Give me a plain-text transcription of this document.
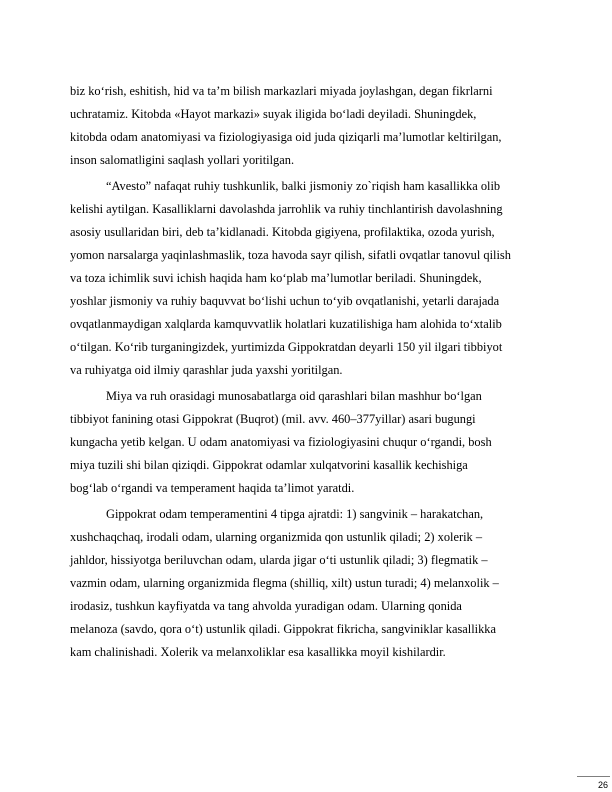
biz ko‘rish, eshitish, hid va ta’m bilish markazlari miyada joylashgan, degan fikrlarni
uchratamiz. Kitobda «Hayot markazi» suyak iligida bo‘ladi deyiladi. Shuningdek,
kitobda odam anatomiyasi va fiziologiyasiga oid juda qiziqarli ma’lumotlar keltirilgan,
inson salomatligini saqlash yollari yoritilgan.
“Avesto” nafaqat ruhiy tushkunlik, balki jismoniy zo`riqish ham kasallikka olib
kelishi aytilgan. Kasalliklarni davolashda jarrohlik va ruhiy tinchlantirish davolashning
asosiy usullaridan biri, deb ta’kidlanadi. Kitobda gigiyena, profilaktika, ozoda yurish,
yomon narsalarga yaqinlashmaslik, toza havoda sayr qilish, sifatli ovqatlar tanovul qilish
va toza ichimlik suvi ichish haqida ham ko‘plab ma’lumotlar beriladi. Shuningdek,
yoshlar jismoniy va ruhiy baquvvat bo‘lishi uchun to‘yib ovqatlanishi, yetarli darajada
ovqatlanmaydigan xalqlarda kamquvvatlik holatlari kuzatilishiga ham alohida to‘xtalib
o‘tilgan. Ko‘rib turganingizdek, yurtimizda Gippokratdan deyarli 150 yil ilgari tibbiyot
va ruhiyatga oid ilmiy qarashlar juda yaxshi yoritilgan.
Miya va ruh orasidagi munosabatlarga oid qarashlari bilan mashhur bo‘lgan
tibbiyot fanining otasi Gippokrat (Buqrot) (mil. avv. 460–377yillar) asari bugungi
kungacha yetib kelgan. U odam anatomiyasi va fiziologiyasini chuqur o‘rgandi, bosh
miya tuzili shi bilan qiziqdi. Gippokrat odamlar xulqatvorini kasallik kechishiga
bog‘lab o‘rgandi va temperament haqida ta’limot yaratdi.
Gippokrat odam temperamentini 4 tipga ajratdi: 1) sangvinik – harakatchan,
xushchaqchaq, irodali odam, ularning organizmida qon ustunlik qiladi; 2) xolerik –
jahldor, hissiyotga beriluvchan odam, ularda jigar o‘ti ustunlik qiladi; 3) flegmatik –
vazmin odam, ularning organizmida flegma (shilliq, xilt) ustun turadi; 4) melanxolik –
irodasiz, tushkun kayfiyatda va tang ahvolda yuradigan odam. Ularning qonida
melanoza (savdo, qora o‘t) ustunlik qiladi. Gippokrat fikricha, sangviniklar kasallikka
kam chalinishadi. Xolerik va melanxoliklar esa kasallikka moyil kishilardir.
26
